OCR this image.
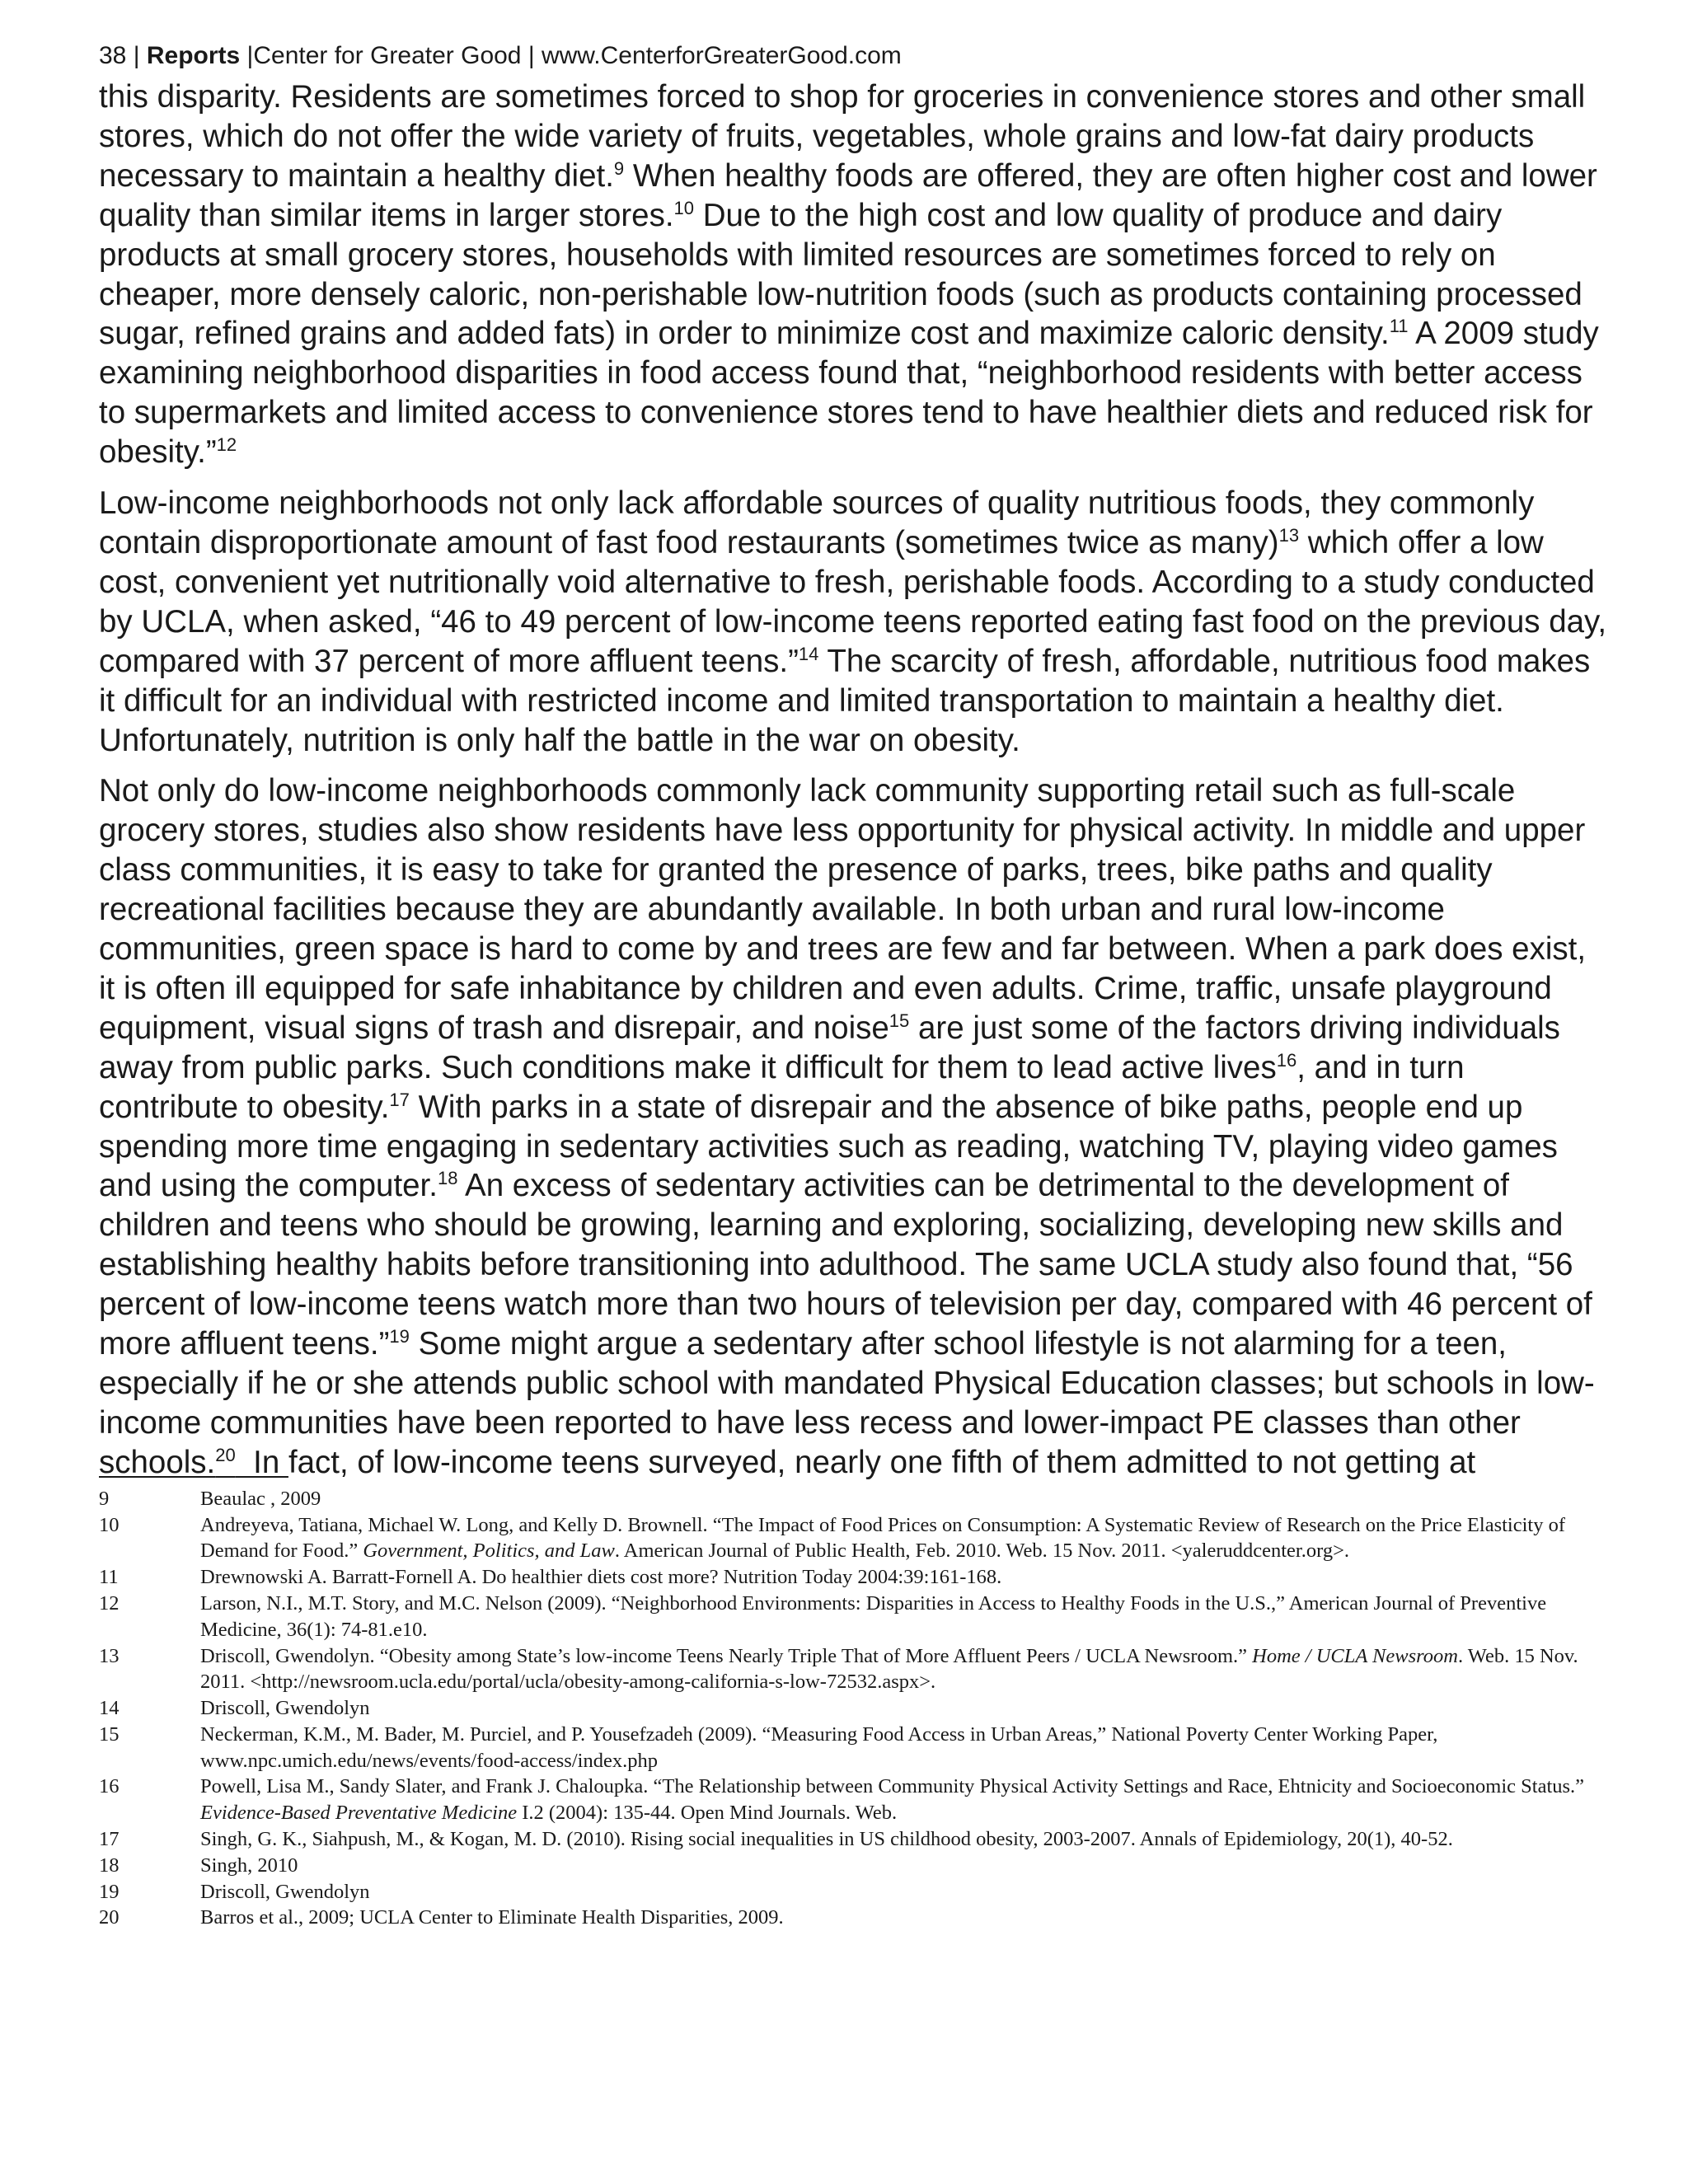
38 | Reports |Center for Greater Good | www.CenterforGreaterGood.com

this disparity. Residents are sometimes forced to shop for groceries in convenience stores and other small stores, which do not offer the wide variety of fruits, vegetables, whole grains and low-fat dairy products necessary to maintain a healthy diet.$^9$ When healthy foods are offered, they are often higher cost and lower quality than similar items in larger stores.$^{10}$ Due to the high cost and low quality of produce and dairy products at small grocery stores, households with limited resources are sometimes forced to rely on cheaper, more densely caloric, non-perishable low-nutrition foods (such as products containing processed sugar, refined grains and added fats) in order to minimize cost and maximize caloric density.$^{11}$ A 2009 study examining neighborhood disparities in food access found that, “neighborhood residents with better access to supermarkets and limited access to convenience stores tend to have healthier diets and reduced risk for obesity.”$^{12}$

Low-income neighborhoods not only lack affordable sources of quality nutritious foods, they commonly contain disproportionate amount of fast food restaurants (sometimes twice as many)$^{13}$ which offer a low cost, convenient yet nutritionally void alternative to fresh, perishable foods. According to a study conducted by UCLA, when asked, “46 to 49 percent of low-income teens reported eating fast food on the previous day, compared with 37 percent of more affluent teens.”$^{14}$ The scarcity of fresh, affordable, nutritious food makes it difficult for an individual with restricted income and limited transportation to maintain a healthy diet. Unfortunately, nutrition is only half the battle in the war on obesity.

Not only do low-income neighborhoods commonly lack community supporting retail such as full-scale grocery stores, studies also show residents have less opportunity for physical activity. In middle and upper class communities, it is easy to take for granted the presence of parks, trees, bike paths and quality recreational facilities because they are abundantly available. In both urban and rural low-income communities, green space is hard to come by and trees are few and far between. When a park does exist, it is often ill equipped for safe inhabitance by children and even adults. Crime, traffic, unsafe playground equipment, visual signs of trash and disrepair, and noise$^{15}$ are just some of the factors driving individuals away from public parks. Such conditions make it difficult for them to lead active lives$^{16}$, and in turn contribute to obesity.$^{17}$ With parks in a state of disrepair and the absence of bike paths, people end up spending more time engaging in sedentary activities such as reading, watching TV, playing video games and using the computer.$^{18}$ An excess of sedentary activities can be detrimental to the development of children and teens who should be growing, learning and exploring, socializing, developing new skills and establishing healthy habits before transitioning into adulthood. The same UCLA study also found that, “56 percent of low-income teens watch more than two hours of television per day, compared with 46 percent of more affluent teens.”$^{19}$ Some might argue a sedentary after school lifestyle is not alarming for a teen, especially if he or she attends public school with mandated Physical Education classes; but schools in low-income communities have been reported to have less recess and lower-impact PE classes than other schools.$^{20}$  In fact, of low-income teens surveyed, nearly one fifth of them admitted to not getting at

9	Beaulac , 2009
10	Andreyeva, Tatiana, Michael W. Long, and Kelly D. Brownell. “The Impact of Food Prices on Consumption: A Systematic Review of Research on the Price Elasticity of Demand for Food.” Government, Politics, and Law. American Journal of Public Health, Feb. 2010. Web. 15 Nov. 2011. <yaleruddcenter.org>.
11	Drewnowski A. Barratt-Fornell A. Do healthier diets cost more? Nutrition Today 2004:39:161-168.
12	Larson, N.I., M.T. Story, and M.C. Nelson (2009). “Neighborhood Environments: Disparities in Access to Healthy Foods in the U.S.,” American Journal of Preventive Medicine, 36(1): 74-81.e10.
13	Driscoll, Gwendolyn. “Obesity among State’s low-income Teens Nearly Triple That of More Affluent Peers / UCLA Newsroom.” Home / UCLA Newsroom. Web. 15 Nov. 2011. <http://newsroom.ucla.edu/portal/ucla/obesity-among-california-s-low-72532.aspx>.
14	Driscoll, Gwendolyn
15	Neckerman, K.M., M. Bader, M. Purciel, and P. Yousefzadeh (2009). “Measuring Food Access in Urban Areas,” National Poverty Center Working Paper, www.npc.umich.edu/news/events/food-access/index.php
16	Powell, Lisa M., Sandy Slater, and Frank J. Chaloupka. “The Relationship between Community Physical Activity Settings and Race, Ehtnicity and Socioeconomic Status.” Evidence-Based Preventative Medicine I.2 (2004): 135-44. Open Mind Journals. Web.
17	Singh, G. K., Siahpush, M., & Kogan, M. D. (2010). Rising social inequalities in US childhood obesity, 2003-2007. Annals of Epidemiology, 20(1), 40-52.
18	Singh, 2010
19	Driscoll, Gwendolyn
20	Barros et al., 2009; UCLA Center to Eliminate Health Disparities, 2009.
